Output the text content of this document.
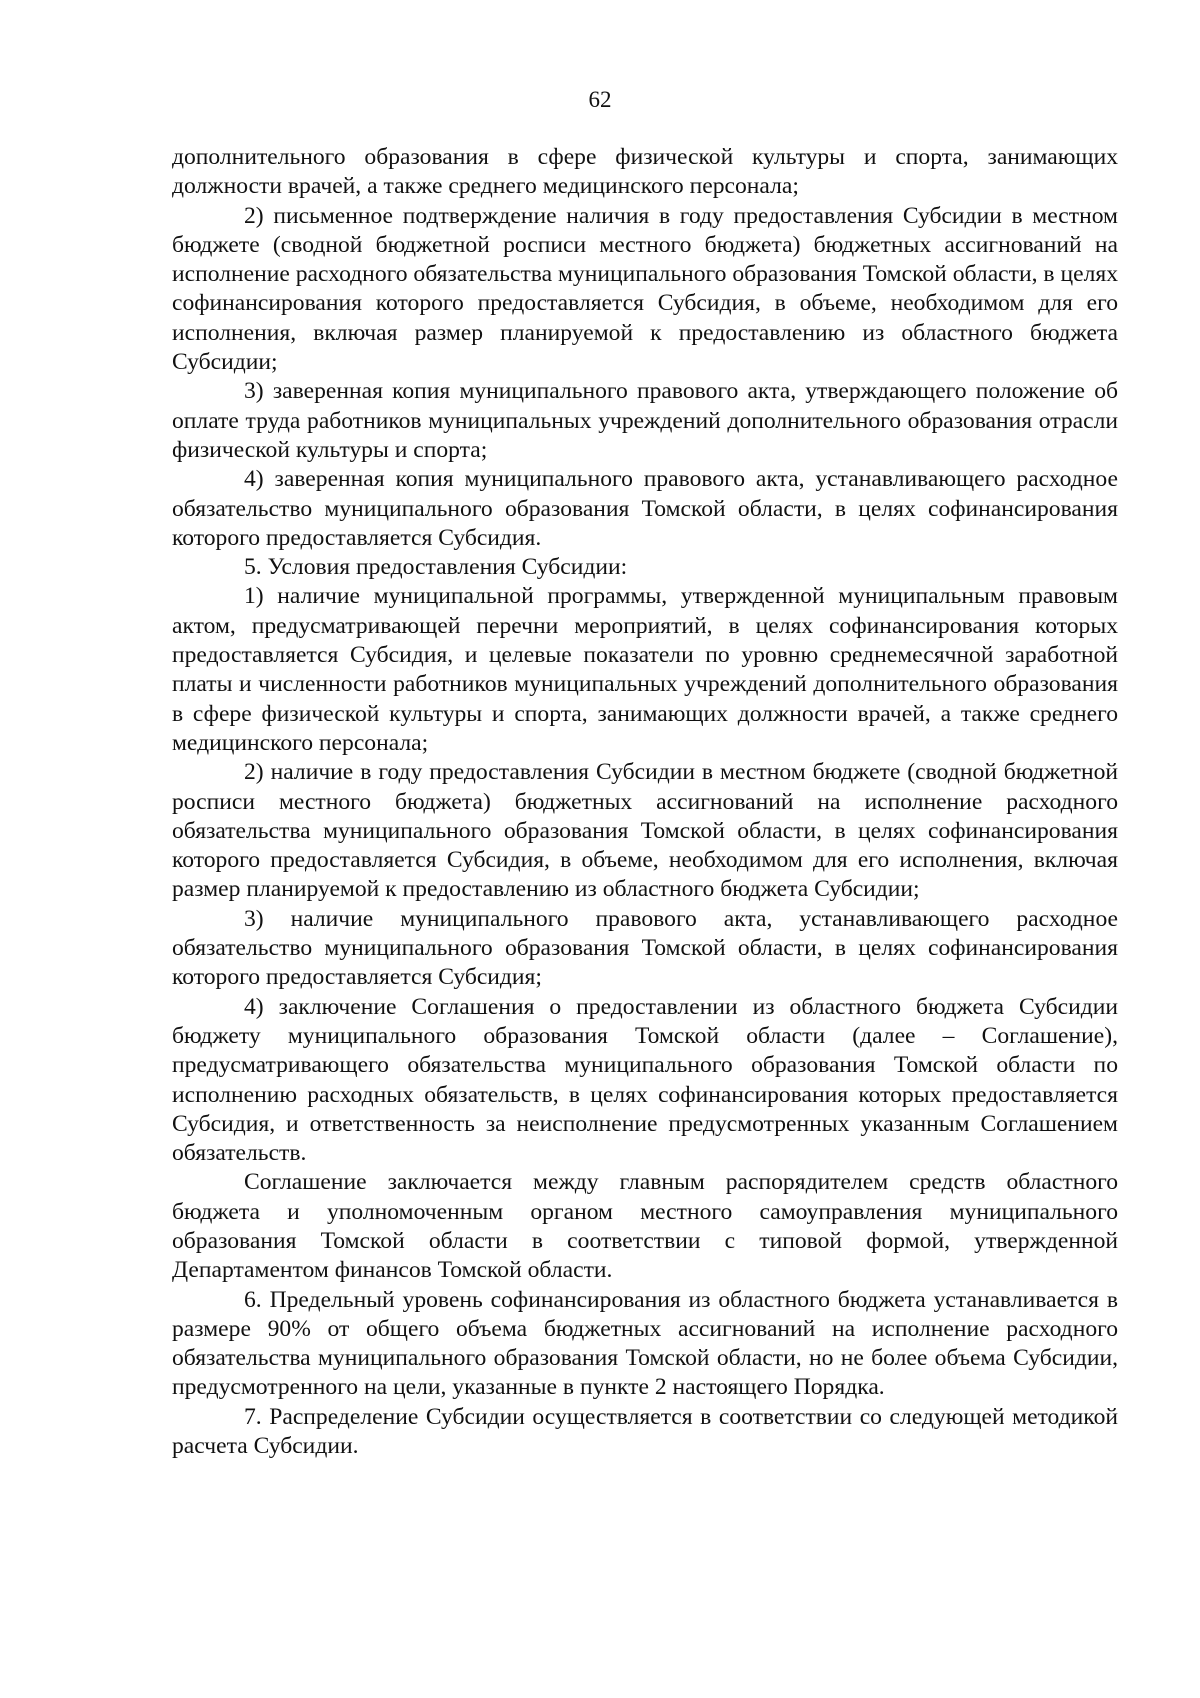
62

дополнительного образования в сфере физической культуры и спорта, занимающих должности врачей, а также среднего медицинского персонала;

2) письменное подтверждение наличия в году предоставления Субсидии в местном бюджете (сводной бюджетной росписи местного бюджета) бюджетных ассигнований на исполнение расходного обязательства муниципального образования Томской области, в целях софинансирования которого предоставляется Субсидия, в объеме, необходимом для его исполнения, включая размер планируемой к предоставлению из областного бюджета Субсидии;

3) заверенная копия муниципального правового акта, утверждающего положение об оплате труда работников муниципальных учреждений дополнительного образования отрасли физической культуры и спорта;

4) заверенная копия муниципального правового акта, устанавливающего расходное обязательство муниципального образования Томской области, в целях софинансирования которого предоставляется Субсидия.

5. Условия предоставления Субсидии:

1) наличие муниципальной программы, утвержденной муниципальным правовым актом, предусматривающей перечни мероприятий, в целях софинансирования которых предоставляется Субсидия, и целевые показатели по уровню среднемесячной заработной платы и численности работников муниципальных учреждений дополнительного образования в сфере физической культуры и спорта, занимающих должности врачей, а также среднего медицинского персонала;

2) наличие в году предоставления Субсидии в местном бюджете (сводной бюджетной росписи местного бюджета) бюджетных ассигнований на исполнение расходного обязательства муниципального образования Томской области, в целях софинансирования которого предоставляется Субсидия, в объеме, необходимом для его исполнения, включая размер планируемой к предоставлению из областного бюджета Субсидии;

3) наличие муниципального правового акта, устанавливающего расходное обязательство муниципального образования Томской области, в целях софинансирования которого предоставляется Субсидия;

4) заключение Соглашения о предоставлении из областного бюджета Субсидии бюджету муниципального образования Томской области (далее – Соглашение), предусматривающего обязательства муниципального образования Томской области по исполнению расходных обязательств, в целях софинансирования которых предоставляется Субсидия, и ответственность за неисполнение предусмотренных указанным Соглашением обязательств.

Соглашение заключается между главным распорядителем средств областного бюджета и уполномоченным органом местного самоуправления муниципального образования Томской области в соответствии с типовой формой, утвержденной Департаментом финансов Томской области.

6. Предельный уровень софинансирования из областного бюджета устанавливается в размере 90% от общего объема бюджетных ассигнований на исполнение расходного обязательства муниципального образования Томской области, но не более объема Субсидии, предусмотренного на цели, указанные в пункте 2 настоящего Порядка.

7. Распределение Субсидии осуществляется в соответствии со следующей методикой расчета Субсидии.
